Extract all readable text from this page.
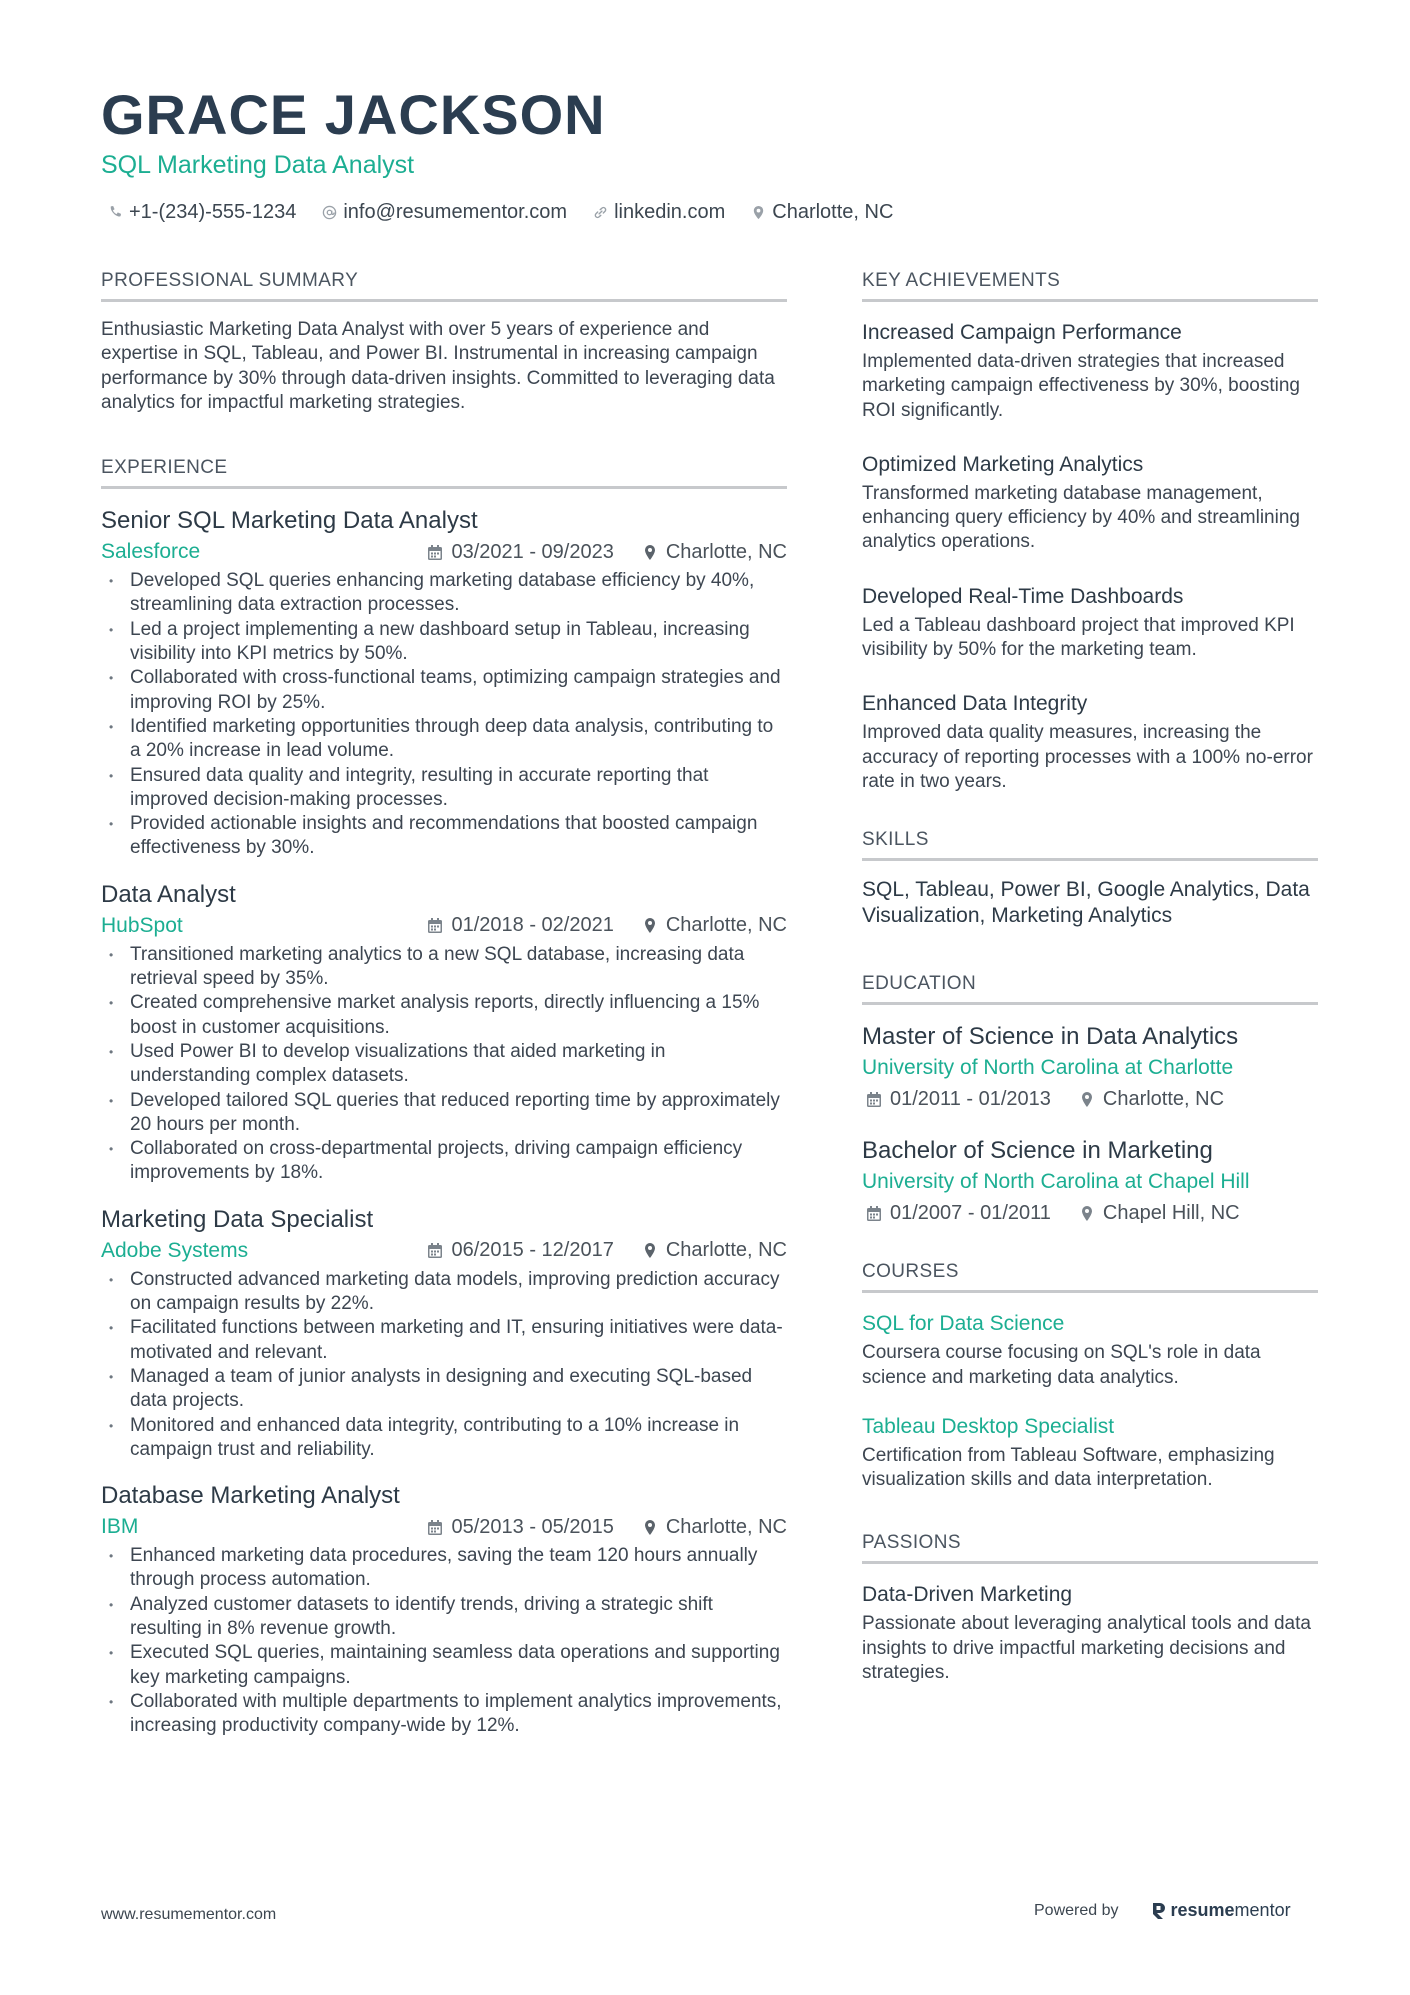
GRACE JACKSON
SQL Marketing Data Analyst
+1-(234)-555-1234 info@resumementor.com linkedin.com Charlotte, NC
PROFESSIONAL SUMMARY
Enthusiastic Marketing Data Analyst with over 5 years of experience and expertise in SQL, Tableau, and Power BI. Instrumental in increasing campaign performance by 30% through data-driven insights. Committed to leveraging data analytics for impactful marketing strategies.
EXPERIENCE
Senior SQL Marketing Data Analyst
Salesforce	03/2021 - 09/2023	Charlotte, NC
• Developed SQL queries enhancing marketing database efficiency by 40%, streamlining data extraction processes.
• Led a project implementing a new dashboard setup in Tableau, increasing visibility into KPI metrics by 50%.
• Collaborated with cross-functional teams, optimizing campaign strategies and improving ROI by 25%.
• Identified marketing opportunities through deep data analysis, contributing to a 20% increase in lead volume.
• Ensured data quality and integrity, resulting in accurate reporting that improved decision-making processes.
• Provided actionable insights and recommendations that boosted campaign effectiveness by 30%.
Data Analyst
HubSpot	01/2018 - 02/2021	Charlotte, NC
• Transitioned marketing analytics to a new SQL database, increasing data retrieval speed by 35%.
• Created comprehensive market analysis reports, directly influencing a 15% boost in customer acquisitions.
• Used Power BI to develop visualizations that aided marketing in understanding complex datasets.
• Developed tailored SQL queries that reduced reporting time by approximately 20 hours per month.
• Collaborated on cross-departmental projects, driving campaign efficiency improvements by 18%.
Marketing Data Specialist
Adobe Systems	06/2015 - 12/2017	Charlotte, NC
• Constructed advanced marketing data models, improving prediction accuracy on campaign results by 22%.
• Facilitated functions between marketing and IT, ensuring initiatives were data-motivated and relevant.
• Managed a team of junior analysts in designing and executing SQL-based data projects.
• Monitored and enhanced data integrity, contributing to a 10% increase in campaign trust and reliability.
Database Marketing Analyst
IBM	05/2013 - 05/2015	Charlotte, NC
• Enhanced marketing data procedures, saving the team 120 hours annually through process automation.
• Analyzed customer datasets to identify trends, driving a strategic shift resulting in 8% revenue growth.
• Executed SQL queries, maintaining seamless data operations and supporting key marketing campaigns.
• Collaborated with multiple departments to implement analytics improvements, increasing productivity company-wide by 12%.
KEY ACHIEVEMENTS
Increased Campaign Performance
Implemented data-driven strategies that increased marketing campaign effectiveness by 30%, boosting ROI significantly.
Optimized Marketing Analytics
Transformed marketing database management, enhancing query efficiency by 40% and streamlining analytics operations.
Developed Real-Time Dashboards
Led a Tableau dashboard project that improved KPI visibility by 50% for the marketing team.
Enhanced Data Integrity
Improved data quality measures, increasing the accuracy of reporting processes with a 100% no-error rate in two years.
SKILLS
SQL, Tableau, Power BI, Google Analytics, Data Visualization, Marketing Analytics
EDUCATION
Master of Science in Data Analytics
University of North Carolina at Charlotte
01/2011 - 01/2013	Charlotte, NC
Bachelor of Science in Marketing
University of North Carolina at Chapel Hill
01/2007 - 01/2011	Chapel Hill, NC
COURSES
SQL for Data Science
Coursera course focusing on SQL's role in data science and marketing data analytics.
Tableau Desktop Specialist
Certification from Tableau Software, emphasizing visualization skills and data interpretation.
PASSIONS
Data-Driven Marketing
Passionate about leveraging analytical tools and data insights to drive impactful marketing decisions and strategies.
www.resumementor.com	Powered by	resumementor
